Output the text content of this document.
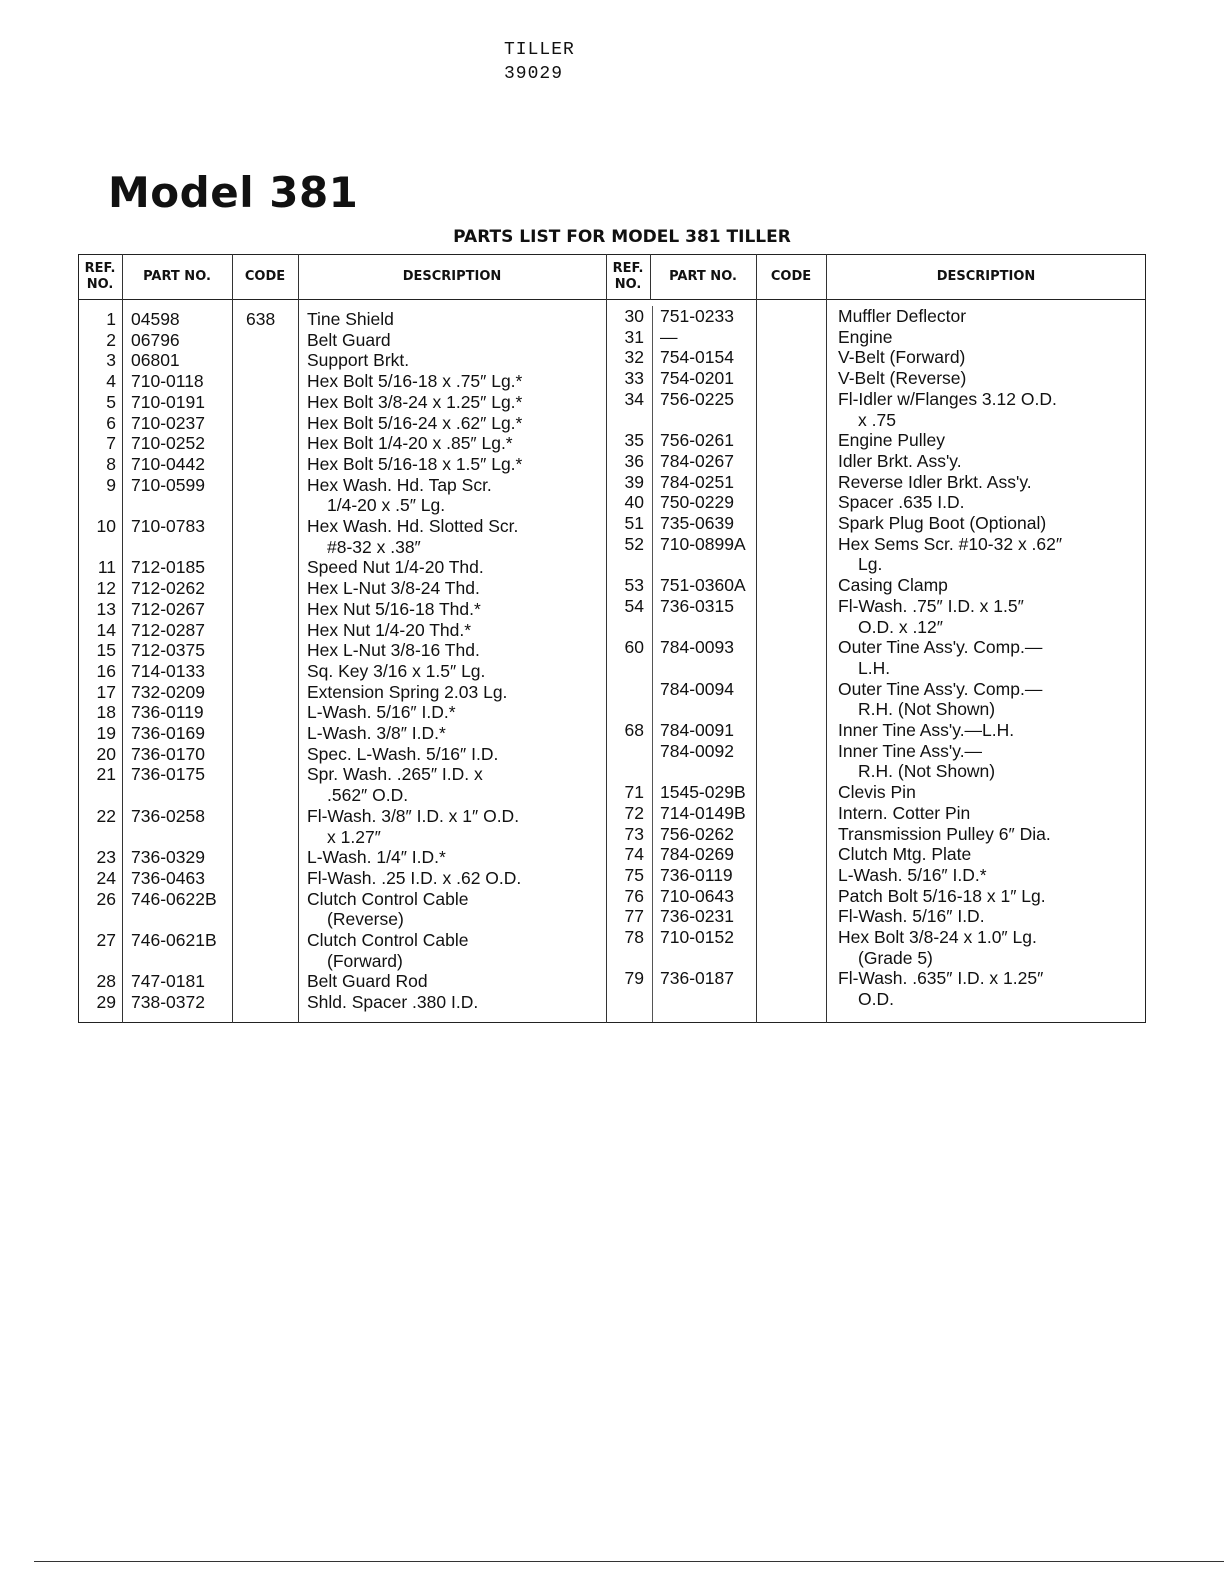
TILLER
39029
Model 381
PARTS LIST FOR MODEL 381 TILLER
REF. NO.
PART NO.	CODE	DESCRIPTION
REF. NO.
PART NO.	CODE	DESCRIPTION
1 04598	638 Tine Shield
2 06796	Belt Guard
3 06801	Support Brkt.
4 710-0118	Hex Bolt 5/16-18 x .75″ Lg.*
5 710-0191	Hex Bolt 3/8-24 x 1.25″ Lg.*
6 710-0237	Hex Bolt 5/16-24 x .62″ Lg.*
7 710-0252	Hex Bolt 1/4-20 x .85″ Lg.*
8 710-0442	Hex Bolt 5/16-18 x 1.5″ Lg.*
9 710-0599	Hex Wash. Hd. Tap Scr.
1/4-20 x .5″ Lg.
10 710-0783	Hex Wash. Hd. Slotted Scr.
#8-32 x .38″
11 712-0185	Speed Nut 1/4-20 Thd.
12 712-0262	Hex L-Nut 3/8-24 Thd.
13 712-0267	Hex Nut 5/16-18 Thd.*
14 712-0287	Hex Nut 1/4-20 Thd.*
15 712-0375	Hex L-Nut 3/8-16 Thd.
16 714-0133	Sq. Key 3/16 x 1.5″ Lg.
17 732-0209	Extension Spring 2.03 Lg.
18 736-0119	L-Wash. 5/16″ I.D.*
19 736-0169	L-Wash. 3/8″ I.D.*
20 736-0170	Spec. L-Wash. 5/16″ I.D.
21 736-0175	Spr. Wash. .265″ I.D. x
.562″ O.D.
22 736-0258	Fl-Wash. 3/8″ I.D. x 1″ O.D.
x 1.27″
23 736-0329	L-Wash. 1/4″ I.D.*
24 736-0463	Fl-Wash. .25 I.D. x .62 O.D.
26 746-0622B	Clutch Control Cable
(Reverse)
27 746-0621B	Clutch Control Cable
(Forward)
28 747-0181	Belt Guard Rod
29 738-0372	Shld. Spacer .380 I.D.
30 751-0233	Muffler Deflector
31 —	Engine
32 754-0154	V-Belt (Forward)
33 754-0201	V-Belt (Reverse)
34 756-0225	Fl-Idler w/Flanges 3.12 O.D.
x .75
35 756-0261	Engine Pulley
36 784-0267	Idler Brkt. Ass'y.
39 784-0251	Reverse Idler Brkt. Ass'y.
40 750-0229	Spacer .635 I.D.
51 735-0639	Spark Plug Boot (Optional)
52 710-0899A	Hex Sems Scr. #10-32 x .62″
Lg.
53 751-0360A	Casing Clamp
54 736-0315	Fl-Wash. .75″ I.D. x 1.5″
O.D. x .12″
60 784-0093	Outer Tine Ass'y. Comp.—
L.H.
784-0094	Outer Tine Ass'y. Comp.—
R.H. (Not Shown)
68 784-0091	Inner Tine Ass'y.—L.H.
784-0092	Inner Tine Ass'y.—
R.H. (Not Shown)
71 1545-029B	Clevis Pin
72 714-0149B	Intern. Cotter Pin
73 756-0262	Transmission Pulley 6″ Dia.
74 784-0269	Clutch Mtg. Plate
75 736-0119	L-Wash. 5/16″ I.D.*
76 710-0643	Patch Bolt 5/16-18 x 1″ Lg.
77 736-0231	Fl-Wash. 5/16″ I.D.
78 710-0152	Hex Bolt 3/8-24 x 1.0″ Lg.
(Grade 5)
79 736-0187	Fl-Wash. .635″ I.D. x 1.25″
O.D.
